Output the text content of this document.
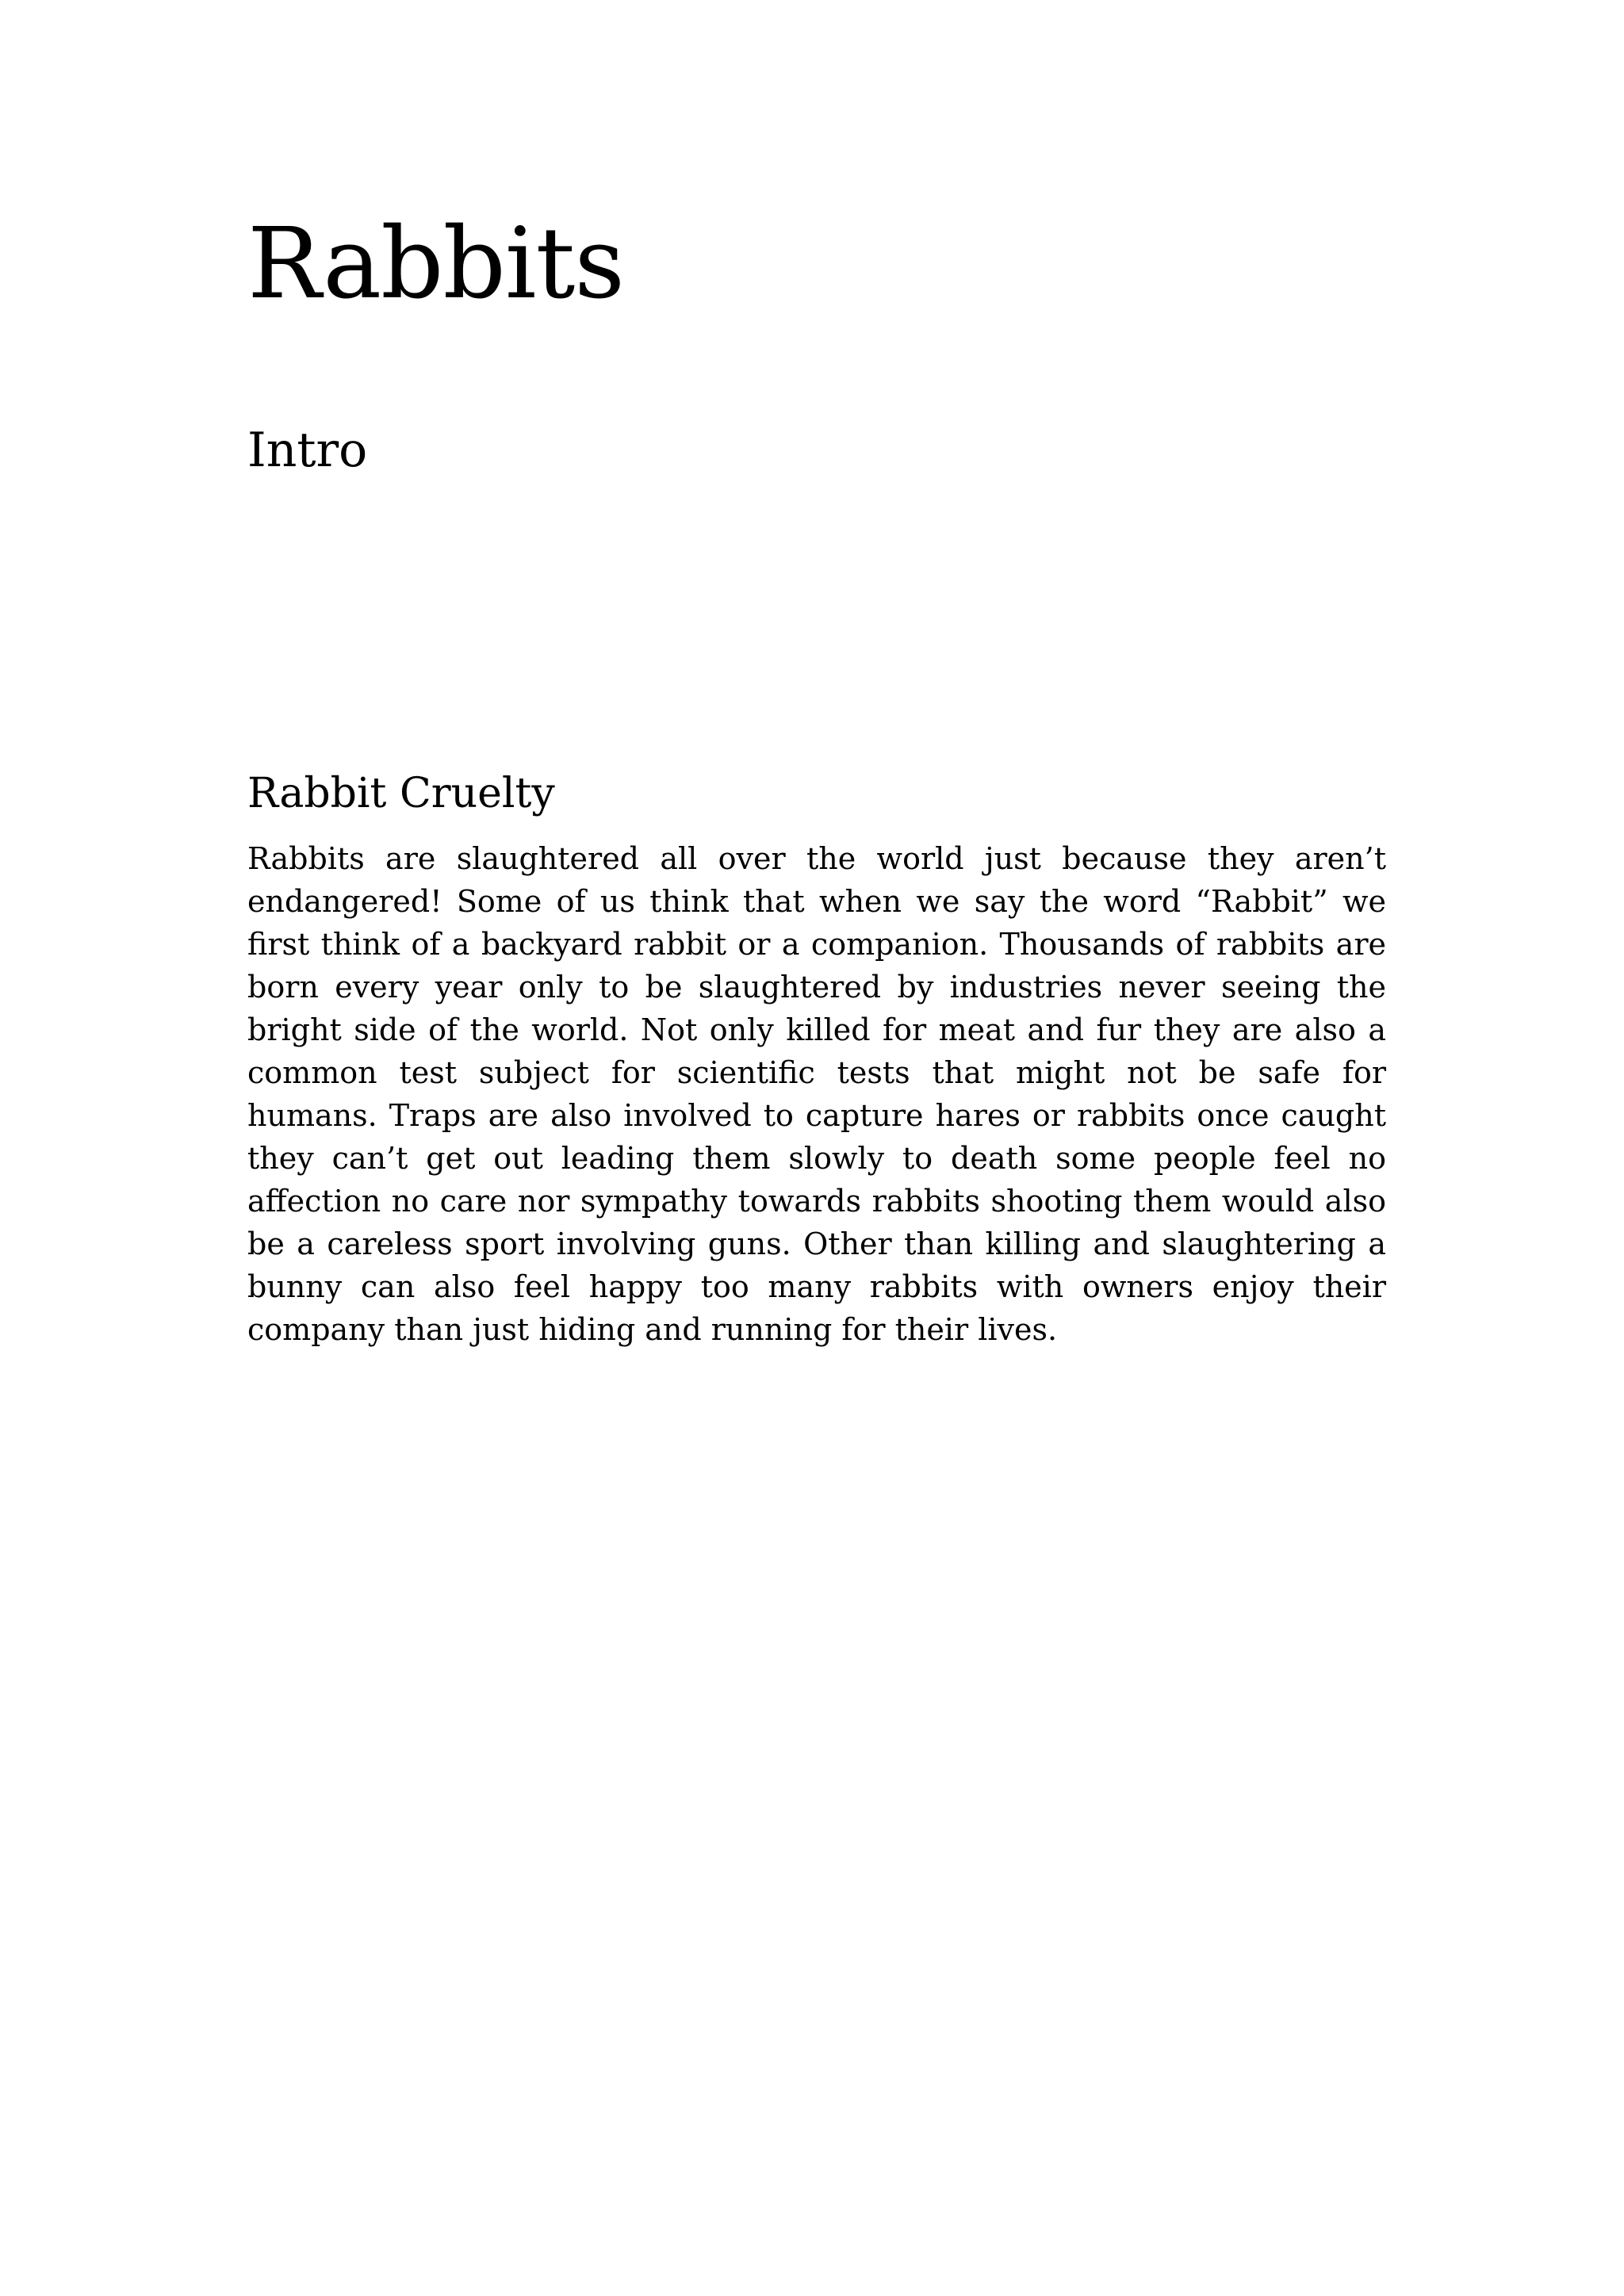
Rabbits
Intro
Rabbit Cruelty

Rabbits are slaughtered all over the world just because they aren’t endangered! Some of us think that when we say the word “Rabbit” we first think of a backyard rabbit or a companion. Thousands of rabbits are born every year only to be slaughtered by industries never seeing the bright side of the world. Not only killed for meat and fur they are also a common test subject for scientific tests that might not be safe for humans. Traps are also involved to capture hares or rabbits once caught they can’t get out leading them slowly to death some people feel no affection no care nor sympathy towards rabbits shooting them would also be a careless sport involving guns. Other than killing and slaughtering a bunny can also feel happy too many rabbits with owners enjoy their company than just hiding and running for their lives.
